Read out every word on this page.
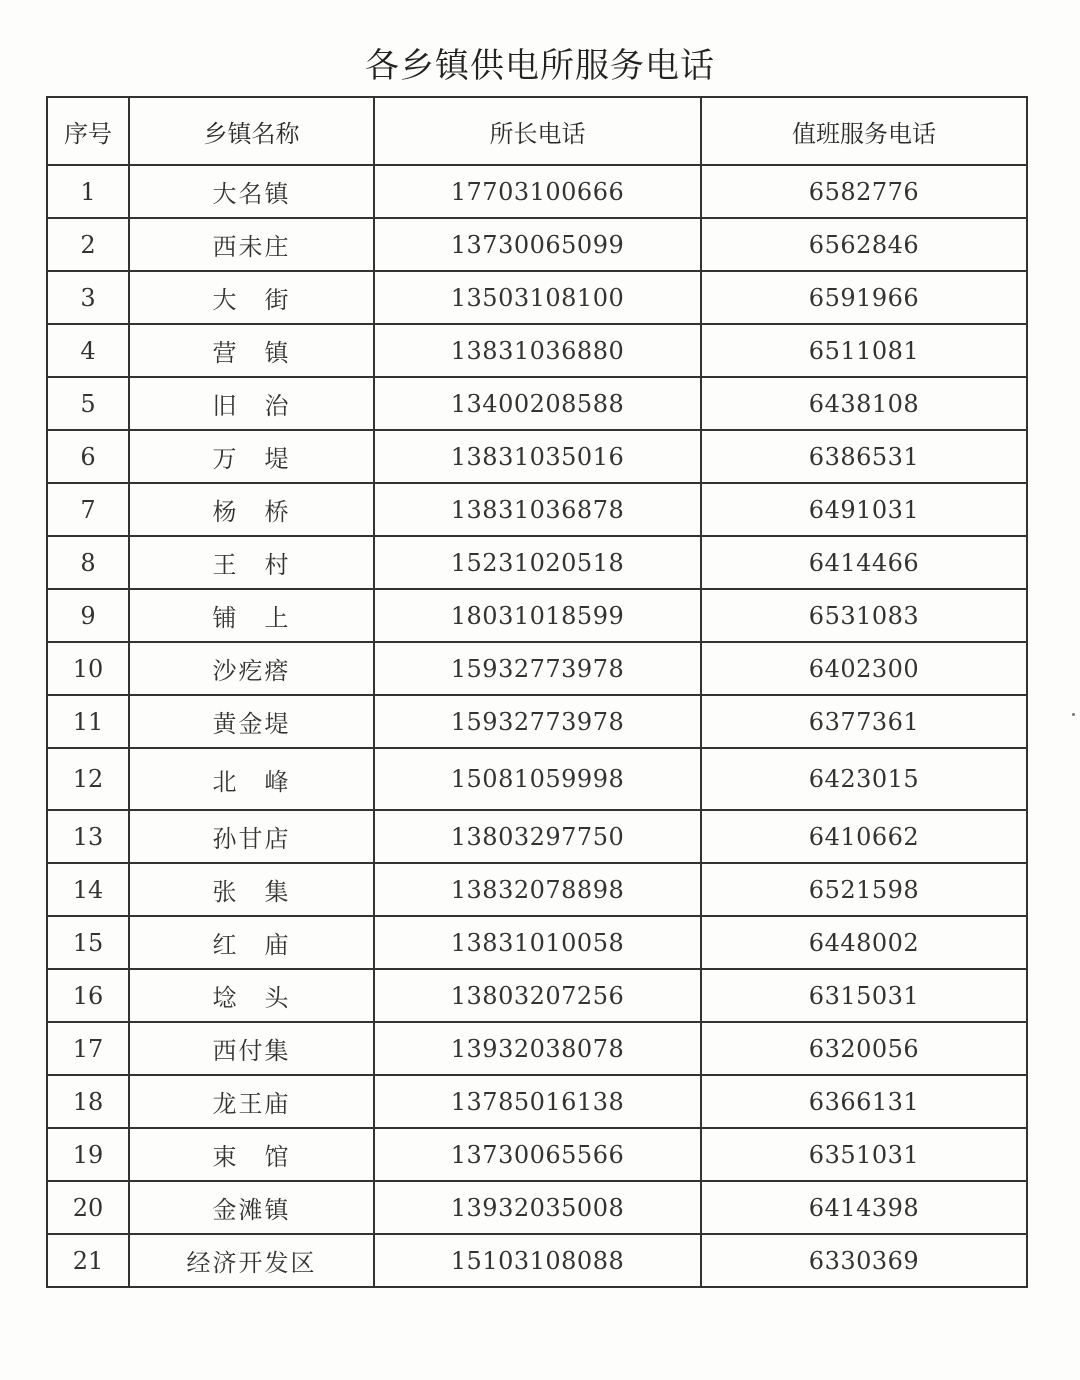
各乡镇供电所服务电话
序号	乡镇名称	所长电话	值班服务电话
1	大名镇	17703100666	6582776
2	西未庄	13730065099	6562846
3	大　街	13503108100	6591966
4	营　镇	13831036880	6511081
5	旧　治	13400208588	6438108
6	万　堤	13831035016	6386531
7	杨　桥	13831036878	6491031
8	王　村	15231020518	6414466
9	铺　上	18031018599	6531083
10	沙疙瘩	15932773978	6402300
11	黄金堤	15932773978	6377361
12	北　峰	15081059998	6423015
13	孙甘店	13803297750	6410662
14	张　集	13832078898	6521598
15	红　庙	13831010058	6448002
16	埝　头	13803207256	6315031
17	西付集	13932038078	6320056
18	龙王庙	13785016138	6366131
19	束　馆	13730065566	6351031
20	金滩镇	13932035008	6414398
21	经济开发区	15103108088	6330369
